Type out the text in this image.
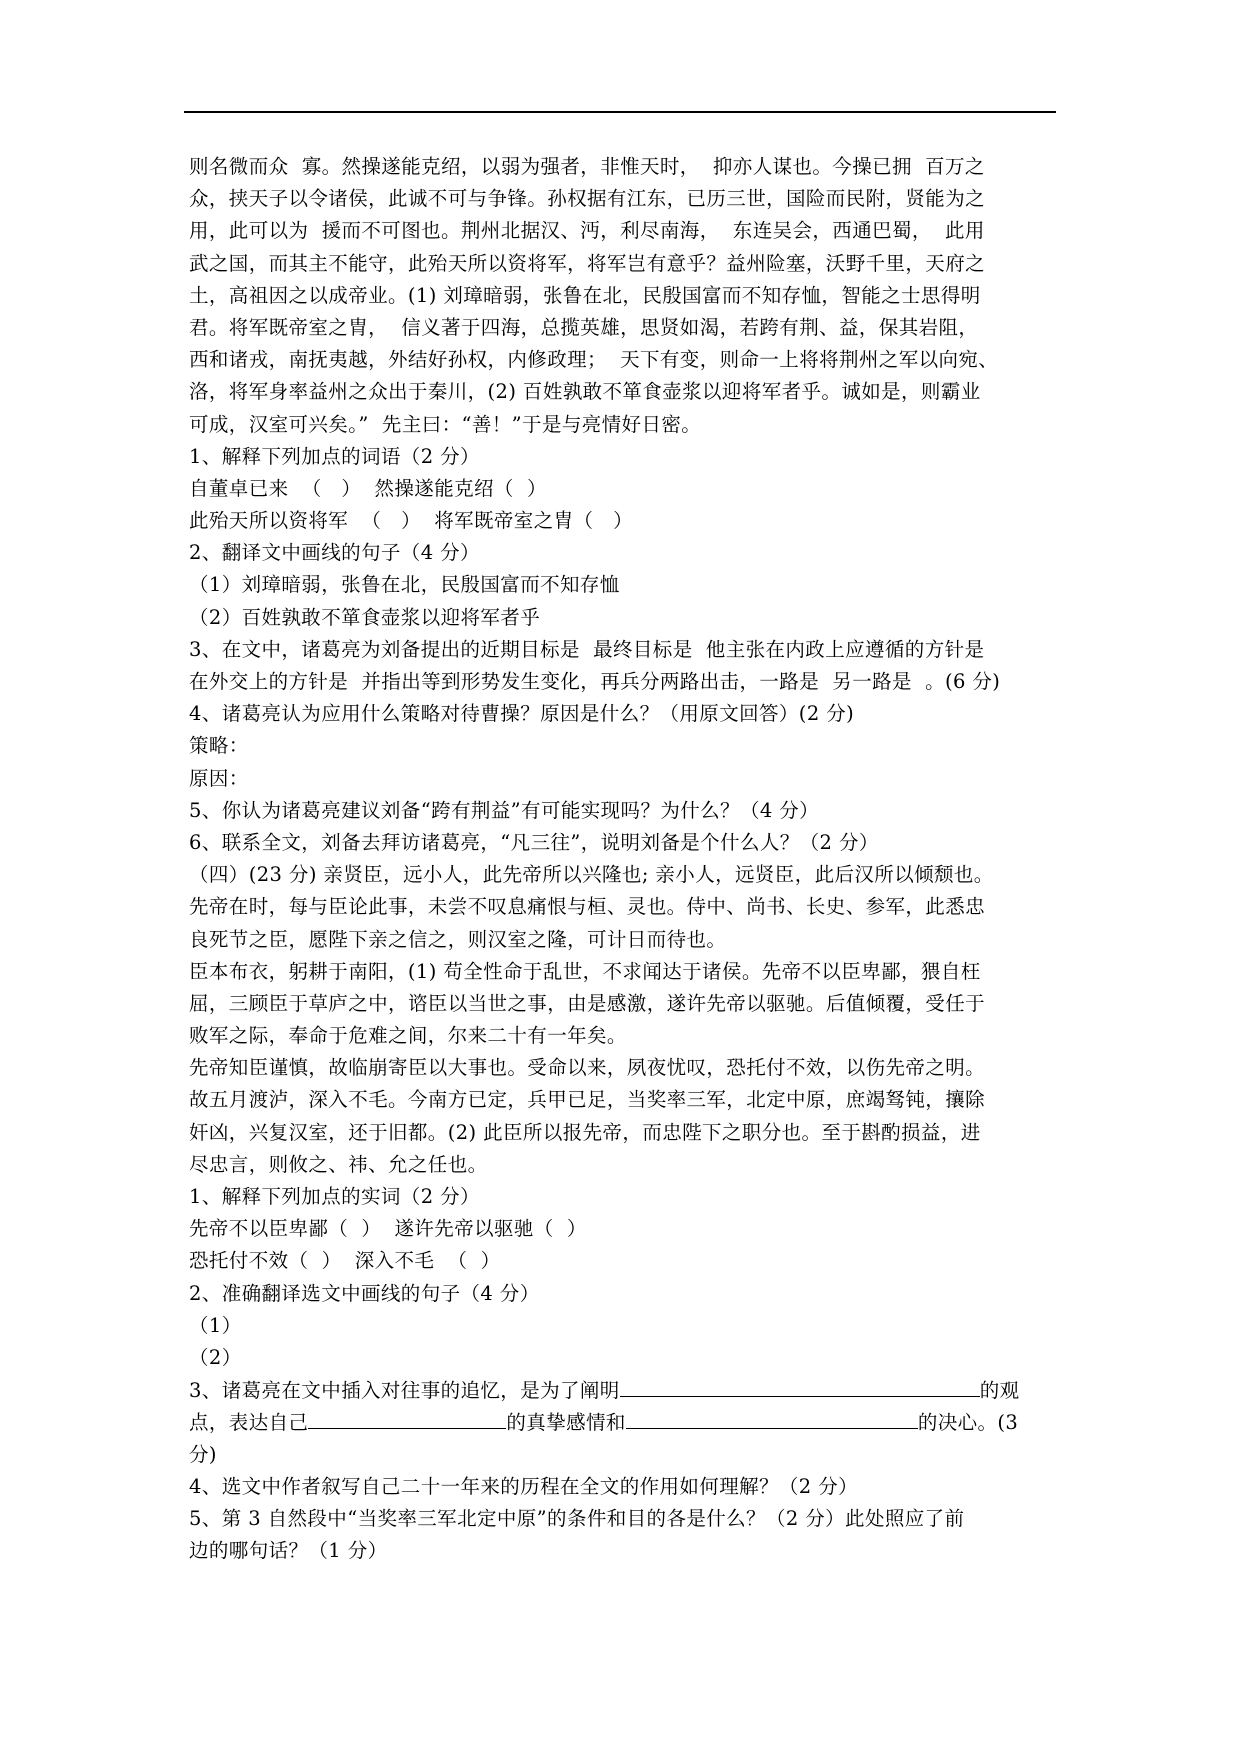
则名微而众  寡。然操遂能克绍，以弱为强者，非惟天时，  抑亦人谋也。今操已拥  百万之
众，挟天子以令诸侯，此诚不可与争锋。孙权据有江东，已历三世，国险而民附，贤能为之
用，此可以为  援而不可图也。荆州北据汉、沔，利尽南海，  东连吴会，西通巴蜀，  此用
武之国，而其主不能守，此殆天所以资将军，将军岂有意乎？益州险塞，沃野千里，天府之
土，高祖因之以成帝业。(1) 刘璋暗弱，张鲁在北，民殷国富而不知存恤，智能之士思得明
君。将军既帝室之胄，  信义著于四海，总揽英雄，思贤如渴，若跨有荆、益，保其岩阻，
西和诸戎，南抚夷越，外结好孙权，内修政理；  天下有变，则命一上将将荆州之军以向宛、
洛，将军身率益州之众出于秦川，(2) 百姓孰敢不箪食壶浆以迎将军者乎。诚如是，则霸业
可成，汉室可兴矣。”  先主曰：“善！”于是与亮情好日密。
1、解释下列加点的词语（2 分）
自董卓已来  （   ）  然操遂能克绍（  ）
此殆天所以资将军  （   ）  将军既帝室之胄（   ）
2、翻译文中画线的句子（4 分）
（1）刘璋暗弱，张鲁在北，民殷国富而不知存恤
（2）百姓孰敢不箪食壶浆以迎将军者乎
3、在文中，诸葛亮为刘备提出的近期目标是  最终目标是  他主张在内政上应遵循的方针是
在外交上的方针是  并指出等到形势发生变化，再兵分两路出击，一路是  另一路是  。(6 分)
4、诸葛亮认为应用什么策略对待曹操？原因是什么？（用原文回答）(2 分)
策略：
原因：
5、你认为诸葛亮建议刘备“跨有荆益”有可能实现吗？为什么？（4 分）
6、联系全文，刘备去拜访诸葛亮，“凡三往”，说明刘备是个什么人？（2 分）
（四）(23 分) 亲贤臣，远小人，此先帝所以兴隆也; 亲小人，远贤臣，此后汉所以倾颓也。
先帝在时，每与臣论此事，未尝不叹息痛恨与桓、灵也。侍中、尚书、长史、参军，此悉忠
良死节之臣，愿陛下亲之信之，则汉室之隆，可计日而待也。
臣本布衣，躬耕于南阳，(1) 苟全性命于乱世，不求闻达于诸侯。先帝不以臣卑鄙，猥自枉
屈，三顾臣于草庐之中，谘臣以当世之事，由是感激，遂许先帝以驱驰。后值倾覆，受任于
败军之际，奉命于危难之间，尔来二十有一年矣。
先帝知臣谨慎，故临崩寄臣以大事也。受命以来，夙夜忧叹，恐托付不效，以伤先帝之明。
故五月渡泸，深入不毛。今南方已定，兵甲已足，当奖率三军，北定中原，庶竭驽钝，攘除
奸凶，兴复汉室，还于旧都。(2) 此臣所以报先帝，而忠陛下之职分也。至于斟酌损益，进
尽忠言，则攸之、祎、允之任也。
1、解释下列加点的实词（2 分）
先帝不以臣卑鄙（  ）  遂许先帝以驱驰（  ）
恐托付不效（  ）  深入不毛  （  ）
2、准确翻译选文中画线的句子（4 分）
（1）
（2）
3、诸葛亮在文中插入对往事的追忆，是为了阐明	的观
点，表达自己	的真挚感情和	的决心。(3
分)
4、选文中作者叙写自己二十一年来的历程在全文的作用如何理解？（2 分）
5、第 3 自然段中“当奖率三军北定中原”的条件和目的各是什么？（2 分）此处照应了前
边的哪句话？（1 分）
